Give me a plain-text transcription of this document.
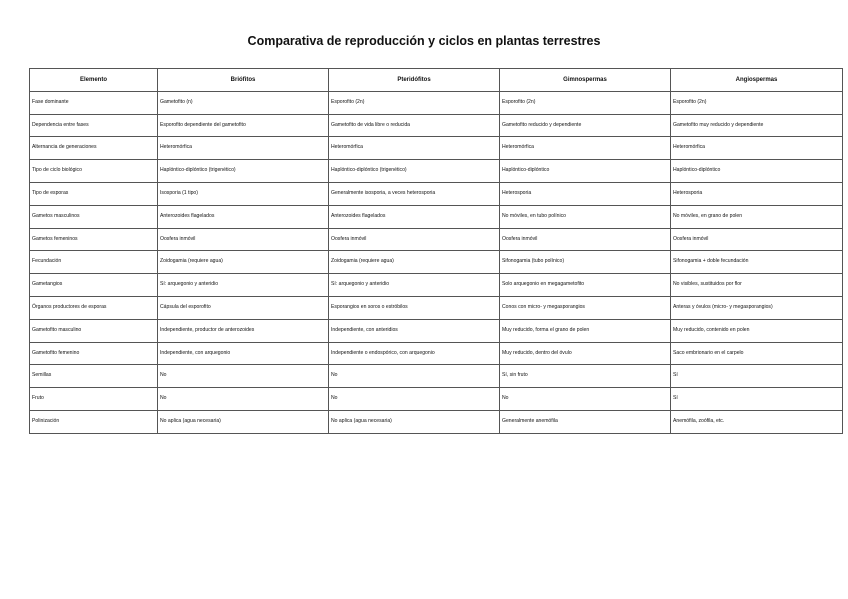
Comparativa de reproducción y ciclos en plantas terrestres
Elemento	Briófitos	Pteridófitos	Gimnospermas	Angiospermas
Fase dominante	Gametofito (n)	Esporofito (2n)	Esporofito (2n)	Esporofito (2n)
Dependencia entre fases	Esporofito dependiente del gametofito	Gametofito de vida libre o reducida	Gametofito reducido y dependiente	Gametofito muy reducido y dependiente
Alternancia de generaciones	Heteromórfica	Heteromórfica	Heteromórfica	Heteromórfica
Tipo de ciclo biológico	Haplóntico-diplóntico (trigenético)	Haplóntico-diplóntico (trigenético)	Haplóntico-diplóntico	Haplóntico-diplóntico
Tipo de esporas	Isosporia (1 tipo)	Generalmente isosporia, a veces heterosporia	Heterosporia	Heterosporia
Gametos masculinos	Anterozoides flagelados	Anterozoides flagelados	No móviles, en tubo polínico	No móviles, en grano de polen
Gametos femeninos	Oosfera inmóvil	Oosfera inmóvil	Oosfera inmóvil	Oosfera inmóvil
Fecundación	Zoidogamia (requiere agua)	Zoidogamia (requiere agua)	Sifonogamia (tubo polínico)	Sifonogamia + doble fecundación
Gametangios	Sí: arquegonio y anteridio	Sí: arquegonio y anteridio	Solo arquegonio en megagametofito	No visibles, sustituidos por flor
Órganos productores de esporas	Cápsula del esporofito	Esporangios en soros o estróbilos	Conos con micro- y megasporangios	Anteras y óvulos (micro- y megasporangios)
Gametofito masculino	Independiente, productor de anterozoides	Independiente, con anteridios	Muy reducido, forma el grano de polen	Muy reducido, contenido en polen
Gametofito femenino	Independiente, con arquegonio	Independiente o endospórico, con arquegonio	Muy reducido, dentro del óvulo	Saco embrionario en el carpelo
Semillas	No	No	Sí, sin fruto	Sí
Fruto	No	No	No	Sí
Polinización	No aplica (agua necesaria)	No aplica (agua necesaria)	Generalmente anemófila	Anemófila, zoófila, etc.
